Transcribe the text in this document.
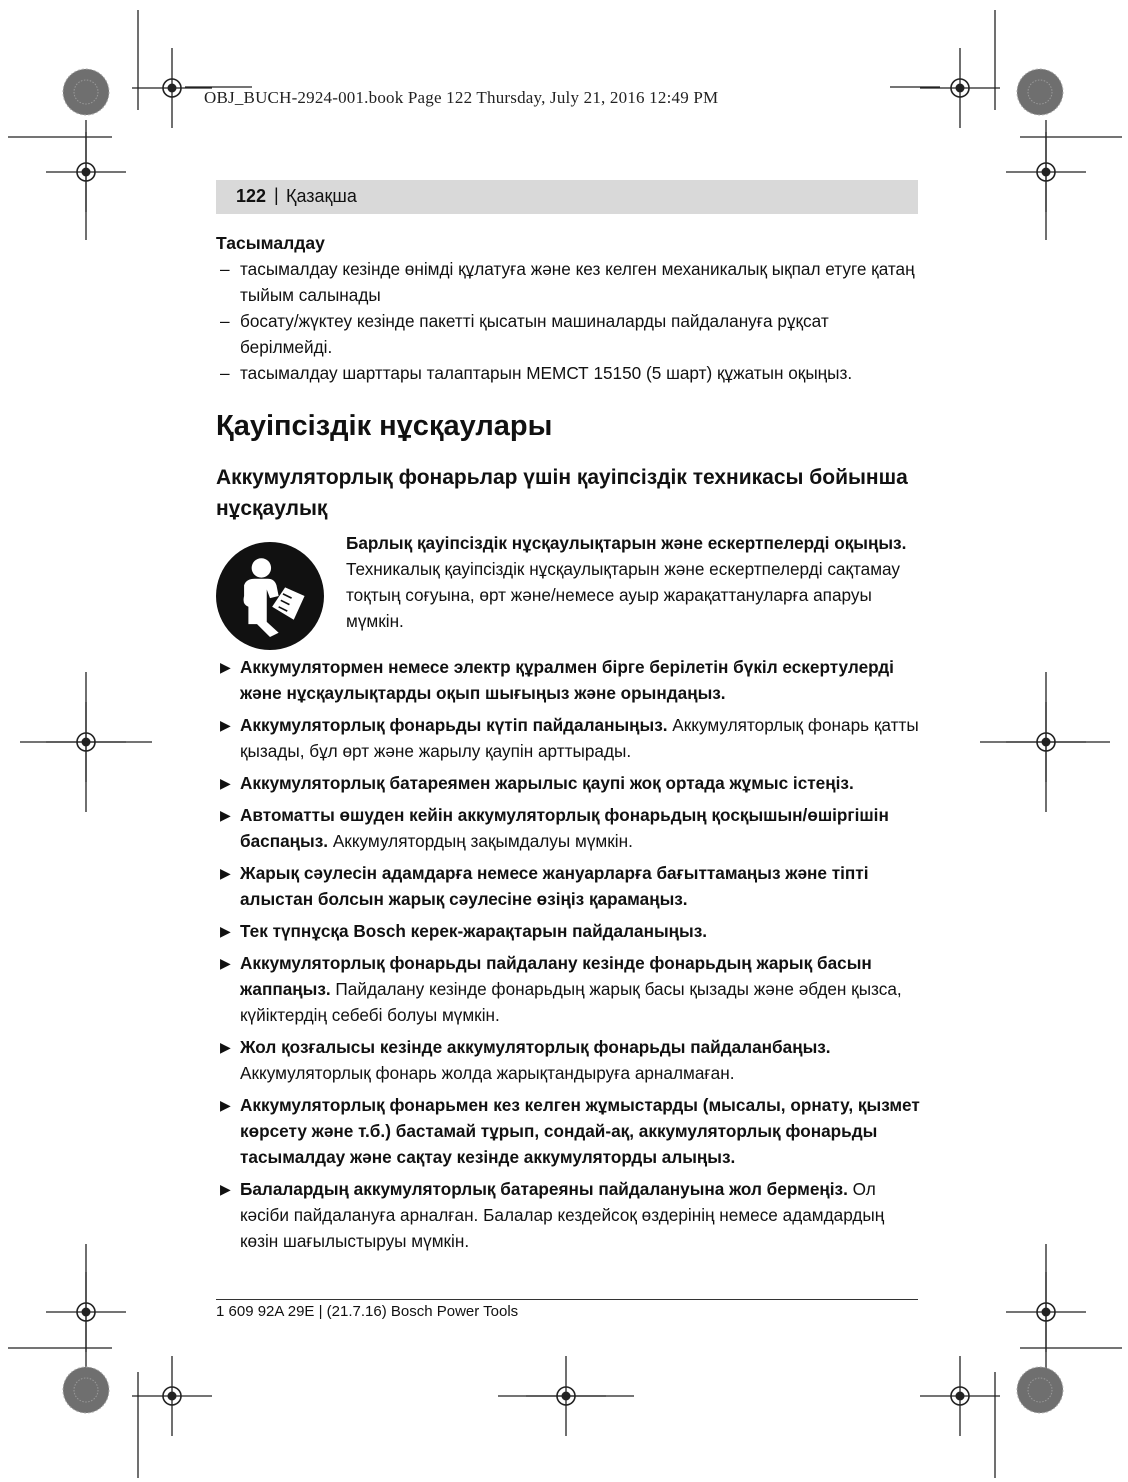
OBJ_BUCH-2924-001.book Page 122 Thursday, July 21, 2016 12:49 PM
122 | Қазақша

Тасымалдау

– тасымалдау кезінде өнімді құлатуға және кез келген механикалық ықпал етуге қатаң тыйым салынады
– босату/жүктеу кезінде пакетті қысатын машиналарды пайдалануға рұқсат берілмейді.
– тасымалдау шарттары талаптарын МЕМСТ 15150 (5 шарт) құжатын оқыңыз.
Қауіпсіздік нұсқаулары
Аккумуляторлық фонарьлар үшін қауіпсіздік техникасы бойынша нұсқаулық
Барлық қауіпсіздік нұсқаулықтарын және ескертпелерді оқыңыз. Техникалық қауіпсіздік нұсқаулықтарын және ескертпелерді сақтамау тоқтың соғуына, өрт және/немесе ауыр жарақаттануларға апаруы мүмкін.
▶ Аккумулятормен немесе электр құралмен бірге берілетін бүкіл ескертулерді және нұсқаулықтарды оқып шығыңыз және орындаңыз.
▶ Аккумуляторлық фонарьды күтіп пайдаланыңыз. Аккумуляторлық фонарь қатты қызады, бұл өрт және жарылу қаупін арттырады.
▶ Аккумуляторлық батареямен жарылыс қаупі жоқ ортада жұмыс істеңіз.
▶ Автоматты өшуден кейін аккумуляторлық фонарьдың қосқышын/өшіргішін баспаңыз. Аккумулятордың зақымдалуы мүмкін.
▶ Жарық сәулесін адамдарға немесе жануарларға бағыттамаңыз және тіпті алыстан болсын жарық сәулесіне өзіңіз қарамаңыз.
▶ Тек түпнұсқа Bosch керек-жарақтарын пайдаланыңыз.
▶ Аккумуляторлық фонарьды пайдалану кезінде фонарьдың жарық басын жаппаңыз. Пайдалану кезінде фонарьдың жарық басы қызады және әбден қызса, күйіктердің себебі болуы мүмкін.
▶ Жол қозғалысы кезінде аккумуляторлық фонарьды пайдаланбаңыз. Аккумуляторлық фонарь жолда жарықтандыруға арналмаған.
▶ Аккумуляторлық фонарьмен кез келген жұмыстарды (мысалы, орнату, қызмет көрсету және т.б.) бастамай тұрып, сондай-ақ, аккумуляторлық фонарьды тасымалдау және сақтау кезінде аккумуляторды алыңыз.
▶ Балалардың аккумуляторлық батареяны пайдалануына жол бермеңіз. Ол кәсіби пайдалануға арналған. Балалар кездейсоқ өздерінің немесе адамдардың көзін шағылыстыруы мүмкін.
1 609 92A 29E | (21.7.16) Bosch Power Tools
